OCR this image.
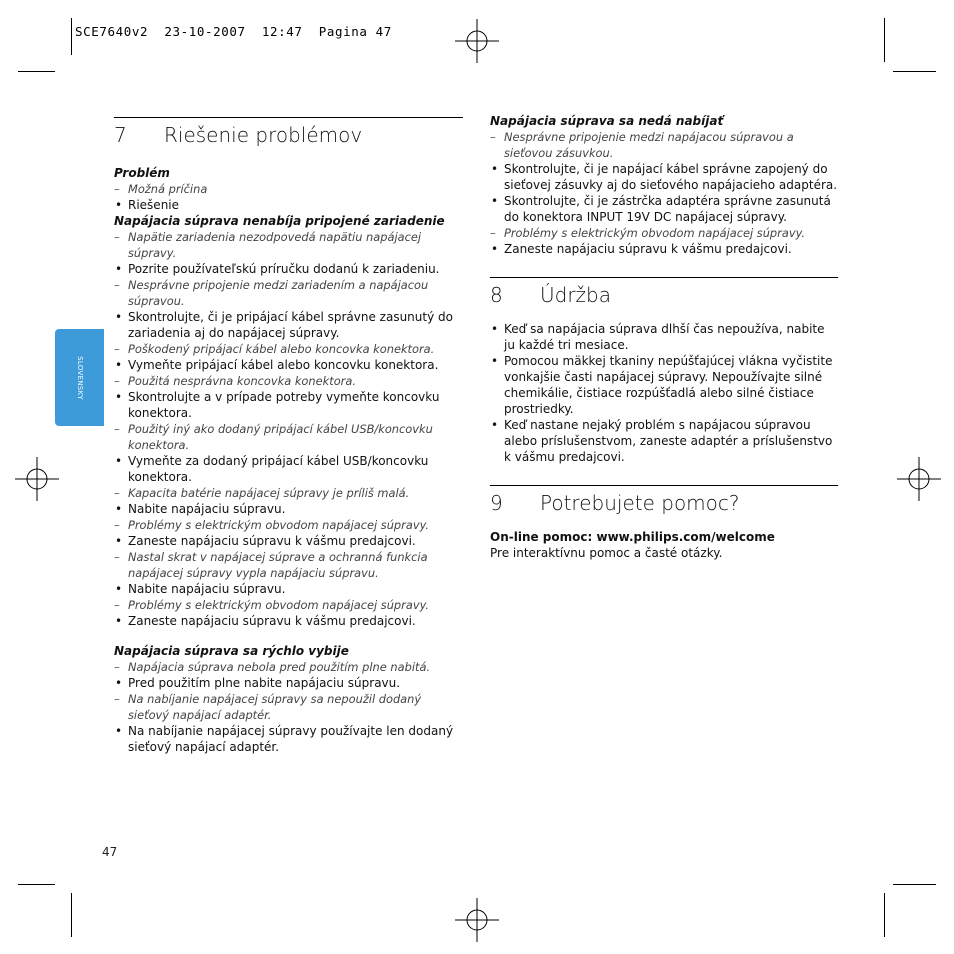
SCE7640v2  23-10-2007  12:47  Pagina 47
SLOVENSKY
7	Riešenie problémov
Problém
– Možná príčina
• Riešenie
Napájacia súprava nenabíja pripojené zariadenie
– Napätie zariadenia nezodpovedá napätiu napájacej súpravy.
• Pozrite používateľskú príručku dodanú k zariadeniu.
– Nesprávne pripojenie medzi zariadením a napájacou súpravou.
• Skontrolujte, či je pripájací kábel správne zasunutý do zariadenia aj do napájacej súpravy.
– Poškodený pripájací kábel alebo koncovka konektora.
• Vymeňte pripájací kábel alebo koncovku konektora.
– Použitá nesprávna koncovka konektora.
• Skontrolujte a v prípade potreby vymeňte koncovku konektora.
– Použitý iný ako dodaný pripájací kábel USB/koncovku konektora.
• Vymeňte za dodaný pripájací kábel USB/koncovku konektora.
– Kapacita batérie napájacej súpravy je príliš malá.
• Nabite napájaciu súpravu.
– Problémy s elektrickým obvodom napájacej súpravy.
• Zaneste napájaciu súpravu k vášmu predajcovi.
– Nastal skrat v napájacej súprave a ochranná funkcia napájacej súpravy vypla napájaciu súpravu.
• Nabite napájaciu súpravu.
– Problémy s elektrickým obvodom napájacej súpravy.
• Zaneste napájaciu súpravu k vášmu predajcovi.
Napájacia súprava sa rýchlo vybije
– Napájacia súprava nebola pred použitím plne nabitá.
• Pred použitím plne nabite napájaciu súpravu.
– Na nabíjanie napájacej súpravy sa nepoužil dodaný sieťový napájací adaptér.
• Na nabíjanie napájacej súpravy používajte len dodaný sieťový napájací adaptér.
Napájacia súprava sa nedá nabíjať
– Nesprávne pripojenie medzi napájacou súpravou a sieťovou zásuvkou.
• Skontrolujte, či je napájací kábel správne zapojený do sieťovej zásuvky aj do sieťového napájacieho adaptéra.
• Skontrolujte, či je zástrčka adaptéra správne zasunutá do konektora INPUT 19V DC napájacej súpravy.
– Problémy s elektrickým obvodom napájacej súpravy.
• Zaneste napájaciu súpravu k vášmu predajcovi.
8	Údržba
• Keď sa napájacia súprava dlhší čas nepoužíva, nabite ju každé tri mesiace.
• Pomocou mäkkej tkaniny nepúšťajúcej vlákna vyčistite vonkajšie časti napájacej súpravy. Nepoužívajte silné chemikálie, čistiace rozpúšťadlá alebo silné čistiace prostriedky.
• Keď nastane nejaký problém s napájacou súpravou alebo príslušenstvom, zaneste adaptér a príslušenstvo k vášmu predajcovi.
9	Potrebujete pomoc?
On-line pomoc: www.philips.com/welcome
Pre interaktívnu pomoc a časté otázky.
47
